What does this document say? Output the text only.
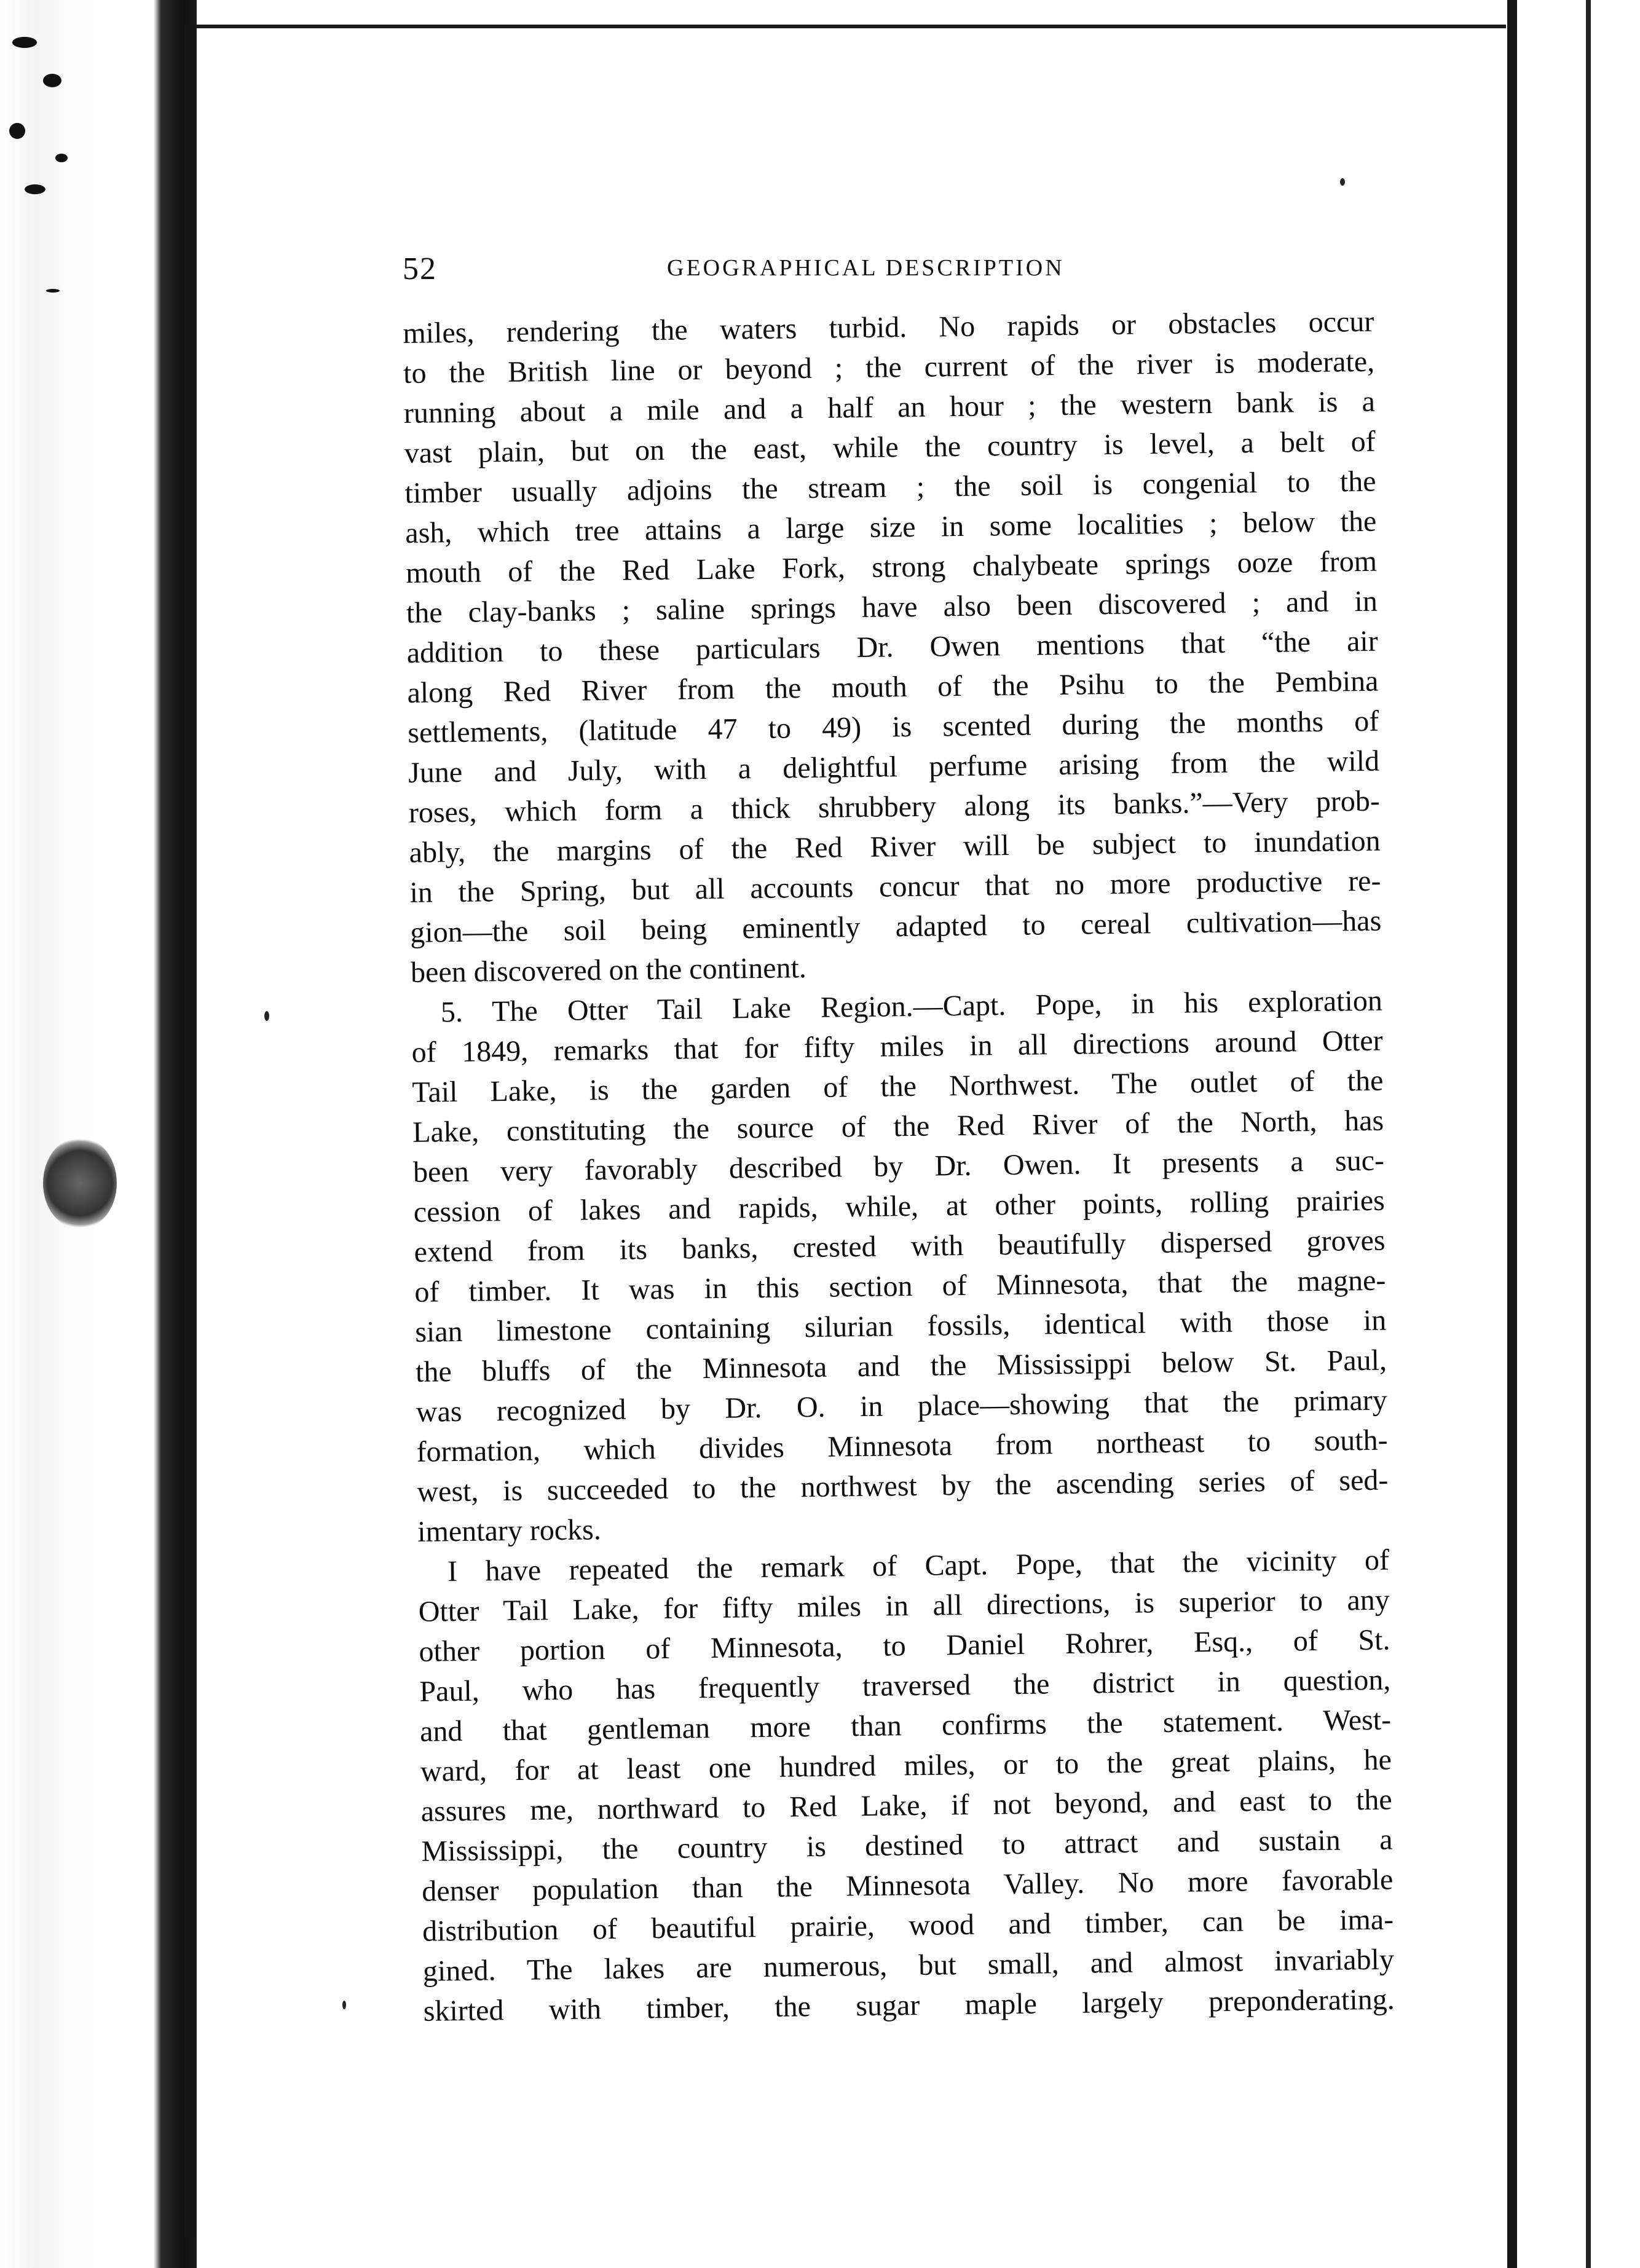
52	GEOGRAPHICAL DESCRIPTION
miles, rendering the waters turbid. No rapids or obstacles occur
to the British line or beyond ; the current of the river is moderate,
running about a mile and a half an hour ; the western bank is a
vast plain, but on the east, while the country is level, a belt of
timber usually adjoins the stream ; the soil is congenial to the
ash, which tree attains a large size in some localities ; below the
mouth of the Red Lake Fork, strong chalybeate springs ooze from
the clay-banks ; saline springs have also been discovered ; and in
addition to these particulars Dr. Owen mentions that “the air
along Red River from the mouth of the Psihu to the Pembina
settlements, (latitude 47 to 49) is scented during the months of
June and July, with a delightful perfume arising from the wild
roses, which form a thick shrubbery along its banks.”—Very prob-
ably, the margins of the Red River will be subject to inundation
in the Spring, but all accounts concur that no more productive re-
gion—the soil being eminently adapted to cereal cultivation—has
been discovered on the continent.
5. The Otter Tail Lake Region.—Capt. Pope, in his exploration
of 1849, remarks that for fifty miles in all directions around Otter
Tail Lake, is the garden of the Northwest. The outlet of the
Lake, constituting the source of the Red River of the North, has
been very favorably described by Dr. Owen. It presents a suc-
cession of lakes and rapids, while, at other points, rolling prairies
extend from its banks, crested with beautifully dispersed groves
of timber. It was in this section of Minnesota, that the magne-
sian limestone containing silurian fossils, identical with those in
the bluffs of the Minnesota and the Mississippi below St. Paul,
was recognized by Dr. O. in place—showing that the primary
formation, which divides Minnesota from northeast to south-
west, is succeeded to the northwest by the ascending series of sed-
imentary rocks.
I have repeated the remark of Capt. Pope, that the vicinity of
Otter Tail Lake, for fifty miles in all directions, is superior to any
other portion of Minnesota, to Daniel Rohrer, Esq., of St.
Paul, who has frequently traversed the district in question,
and that gentleman more than confirms the statement. West-
ward, for at least one hundred miles, or to the great plains, he
assures me, northward to Red Lake, if not beyond, and east to the
Mississippi, the country is destined to attract and sustain a
denser population than the Minnesota Valley. No more favorable
distribution of beautiful prairie, wood and timber, can be ima-
gined. The lakes are numerous, but small, and almost invariably
skirted with timber, the sugar maple largely preponderating.
